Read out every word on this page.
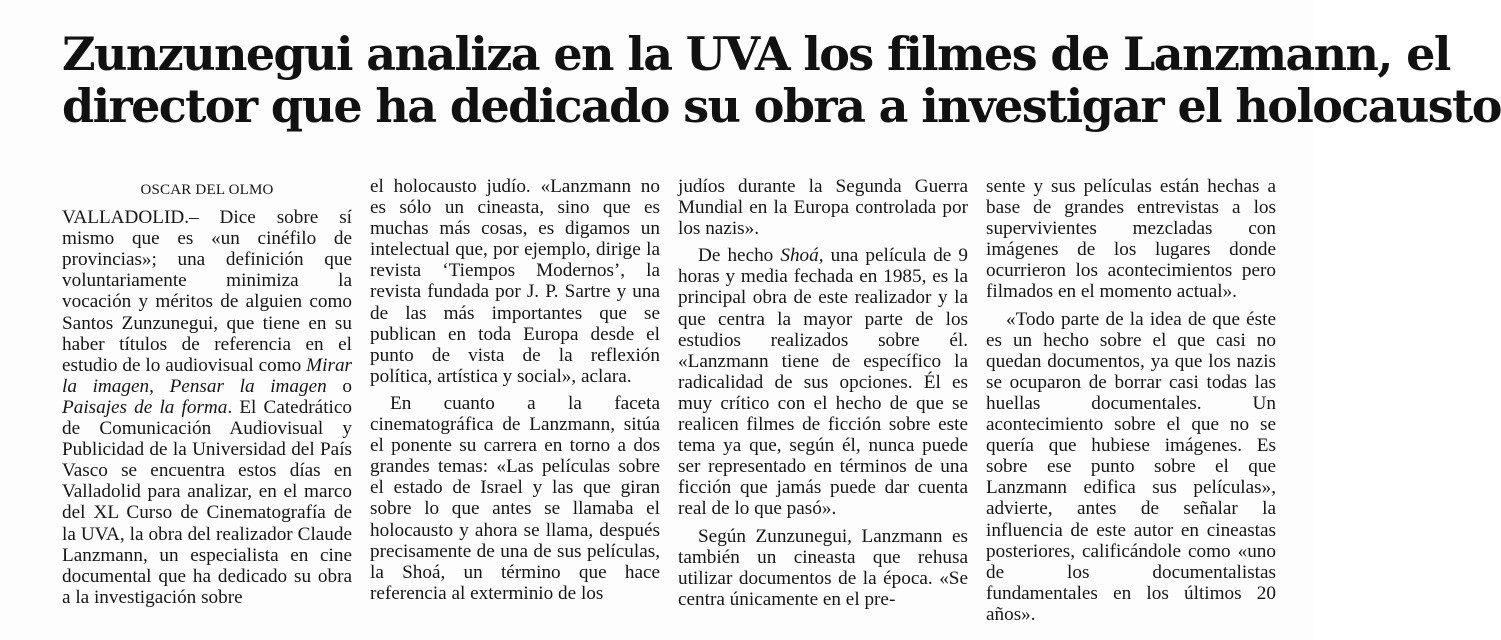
Zunzunegui analiza en la UVA los filmes de Lanzmann, el
director que ha dedicado su obra a investigar el holocausto

OSCAR DEL OLMO

VALLADOLID.– Dice sobre sí mismo que es «un cinéfilo de provincias»; una definición que voluntariamente minimiza la vocación y méritos de alguien como Santos Zunzunegui, que tiene en su haber títulos de referencia en el estudio de lo audiovisual como Mirar la imagen, Pensar la imagen o Paisajes de la forma. El Catedrático de Comunicación Audiovisual y Publicidad de la Universidad del País Vasco se encuentra estos días en Valladolid para analizar, en el marco del XL Curso de Cinematografía de la UVA, la obra del realizador Claude Lanzmann, un especialista en cine documental que ha dedicado su obra a la investigación sobre

el holocausto judío. «Lanzmann no es sólo un cineasta, sino que es muchas más cosas, es digamos un intelectual que, por ejemplo, dirige la revista ‘Tiempos Modernos’, la revista fundada por J. P. Sartre y una de las más importantes que se publican en toda Europa desde el punto de vista de la reflexión política, artística y social», aclara.

En cuanto a la faceta cinematográfica de Lanzmann, sitúa el ponente su carrera en torno a dos grandes temas: «Las películas sobre el estado de Israel y las que giran sobre lo que antes se llamaba el holocausto y ahora se llama, después precisamente de una de sus películas, la Shoá, un término que hace referencia al exterminio de los

judíos durante la Segunda Guerra Mundial en la Europa controlada por los nazis».

De hecho Shoá, una película de 9 horas y media fechada en 1985, es la principal obra de este realizador y la que centra la mayor parte de los estudios realizados sobre él. «Lanzmann tiene de específico la radicalidad de sus opciones. Él es muy crítico con el hecho de que se realicen filmes de ficción sobre este tema ya que, según él, nunca puede ser representado en términos de una ficción que jamás puede dar cuenta real de lo que pasó».

Según Zunzunegui, Lanzmann es también un cineasta que rehusa utilizar documentos de la época. «Se centra únicamente en el pre-

sente y sus películas están hechas a base de grandes entrevistas a los supervivientes mezcladas con imágenes de los lugares donde ocurrieron los acontecimientos pero filmados en el momento actual».

«Todo parte de la idea de que éste es un hecho sobre el que casi no quedan documentos, ya que los nazis se ocuparon de borrar casi todas las huellas documentales. Un acontecimiento sobre el que no se quería que hubiese imágenes. Es sobre ese punto sobre el que Lanzmann edifica sus películas», advierte, antes de señalar la influencia de este autor en cineastas posteriores, calificándole como «uno de los documentalistas fundamentales en los últimos 20 años».
